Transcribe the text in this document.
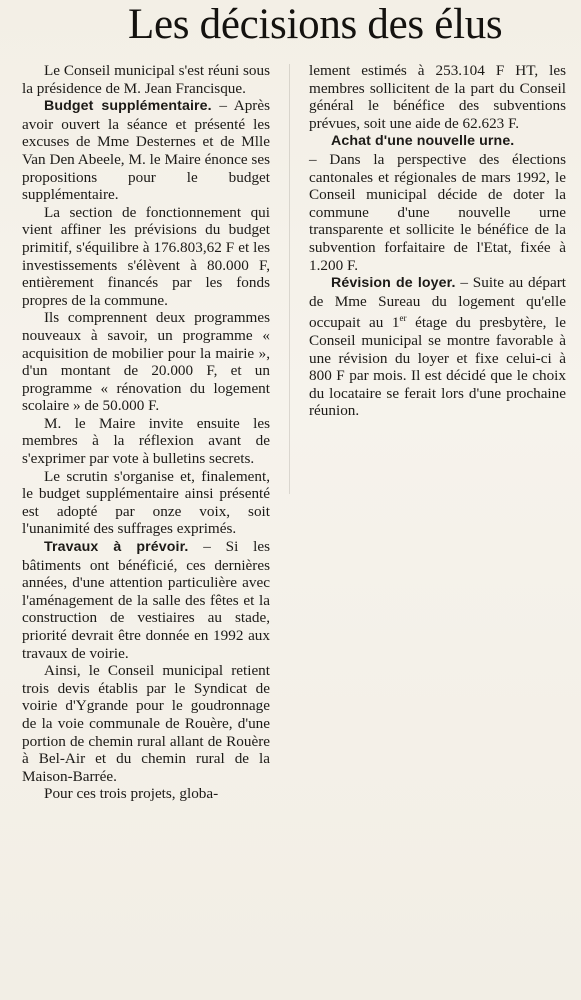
Les décisions des élus

Le Conseil municipal s'est réuni sous la présidence de M. Jean Francisque.

Budget supplémentaire. – Après avoir ouvert la séance et présenté les excuses de Mme Desternes et de Mlle Van Den Abeele, M. le Maire énonce ses propositions pour le budget supplémentaire.

La section de fonctionnement qui vient affiner les prévisions du budget primitif, s'équilibre à 176.803,62 F et les investissements s'élèvent à 80.000 F, entièrement financés par les fonds propres de la commune.

Ils comprennent deux programmes nouveaux à savoir, un programme « acquisition de mobilier pour la mairie », d'un montant de 20.000 F, et un programme « rénovation du logement scolaire » de 50.000 F.

M. le Maire invite ensuite les membres à la réflexion avant de s'exprimer par vote à bulletins secrets.

Le scrutin s'organise et, finalement, le budget supplémentaire ainsi présenté est adopté par onze voix, soit l'unanimité des suffrages exprimés.

Travaux à prévoir. – Si les bâtiments ont bénéficié, ces dernières années, d'une attention particulière avec l'aménagement de la salle des fêtes et la construction de vestiaires au stade, priorité devrait être donnée en 1992 aux travaux de voirie.

Ainsi, le Conseil municipal retient trois devis établis par le Syndicat de voirie d'Ygrande pour le goudronnage de la voie communale de Rouère, d'une portion de chemin rural allant de Rouère à Bel-Air et du chemin rural de la Maison-Barrée.

Pour ces trois projets, globa-

lement estimés à 253.104 F HT, les membres sollicitent de la part du Conseil général le bénéfice des subventions prévues, soit une aide de 62.623 F.

Achat d'une nouvelle urne.

– Dans la perspective des élections cantonales et régionales de mars 1992, le Conseil municipal décide de doter la commune d'une nouvelle urne transparente et sollicite le bénéfice de la subvention forfaitaire de l'Etat, fixée à 1.200 F.

Révision de loyer. – Suite au départ de Mme Sureau du logement qu'elle occupait au 1er étage du presbytère, le Conseil municipal se montre favorable à une révision du loyer et fixe celui-ci à 800 F par mois. Il est décidé que le choix du locataire se ferait lors d'une prochaine réunion.
